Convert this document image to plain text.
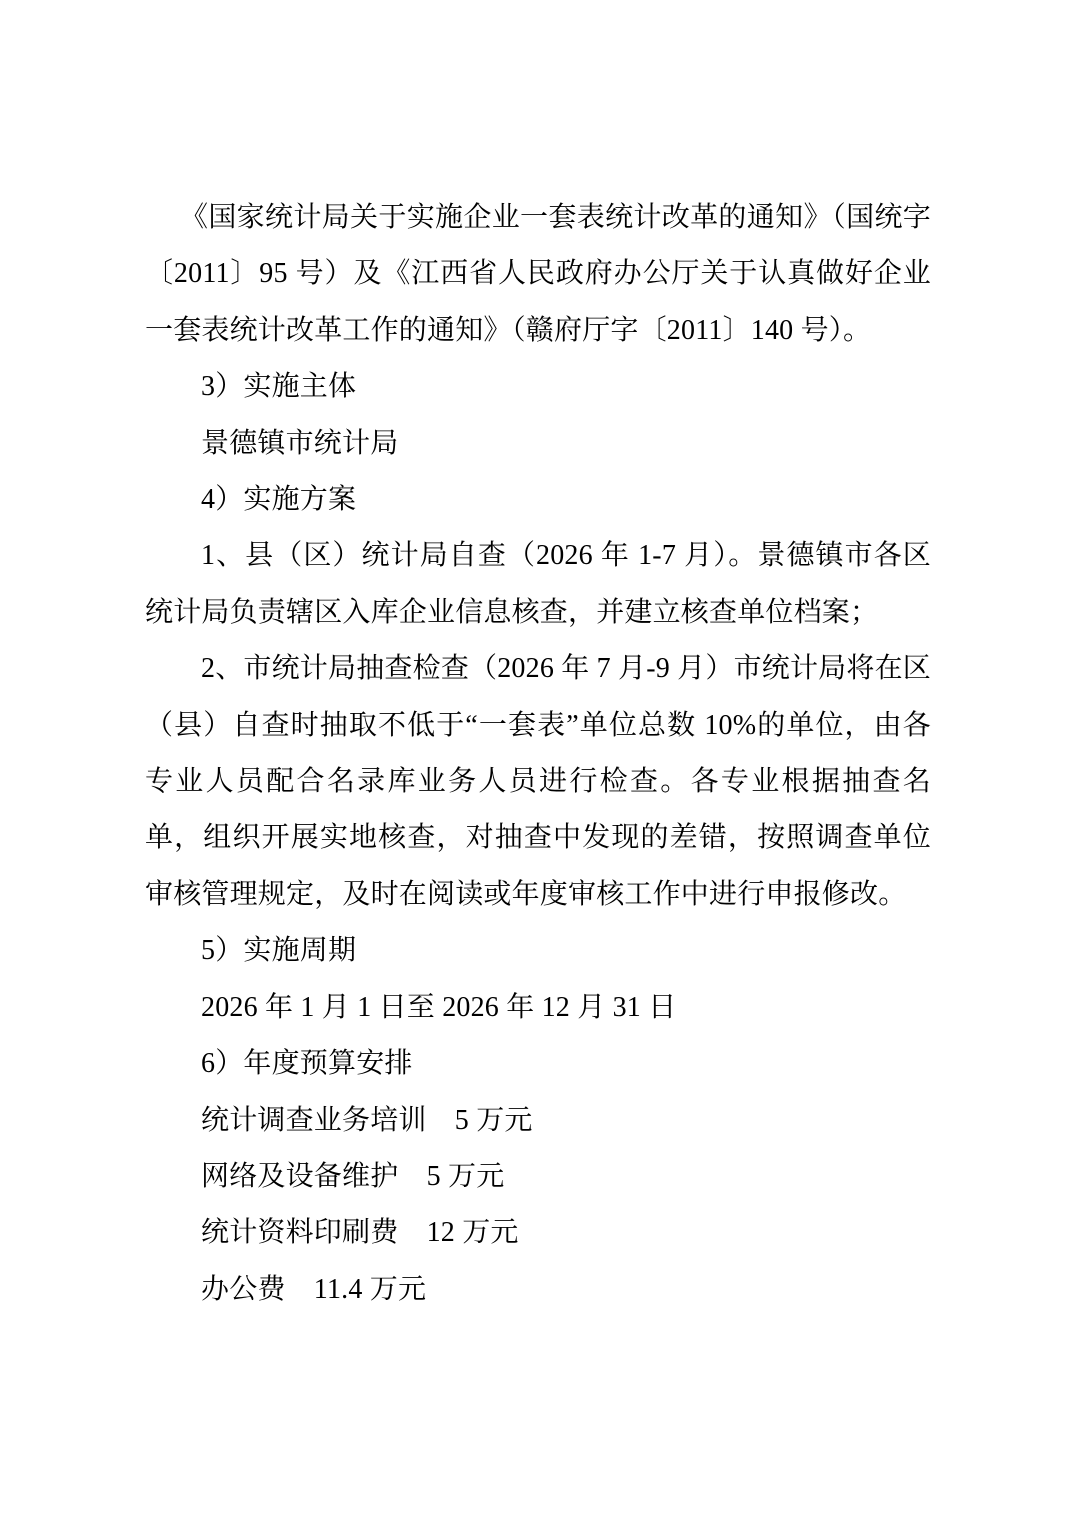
《国家统计局关于实施企业一套表统计改革的通知》（国统字〔2011〕95 号）及《江西省人民政府办公厅关于认真做好企业一套表统计改革工作的通知》（赣府厅字〔2011〕140 号）。

3）实施主体

景德镇市统计局

4）实施方案

1、县（区）统计局自查（2026 年 1-7 月）。景德镇市各区统计局负责辖区入库企业信息核查，并建立核查单位档案；

2、市统计局抽查检查（2026 年 7 月-9 月）市统计局将在区（县）自查时抽取不低于“一套表”单位总数 10%的单位，由各专业人员配合名录库业务人员进行检查。各专业根据抽查名单，组织开展实地核查，对抽查中发现的差错，按照调查单位审核管理规定，及时在阅读或年度审核工作中进行申报修改。

5）实施周期

2026 年 1 月 1 日至 2026 年 12 月 31 日

6）年度预算安排

统计调查业务培训　5 万元

网络及设备维护　5 万元

统计资料印刷费　12 万元

办公费　11.4 万元
